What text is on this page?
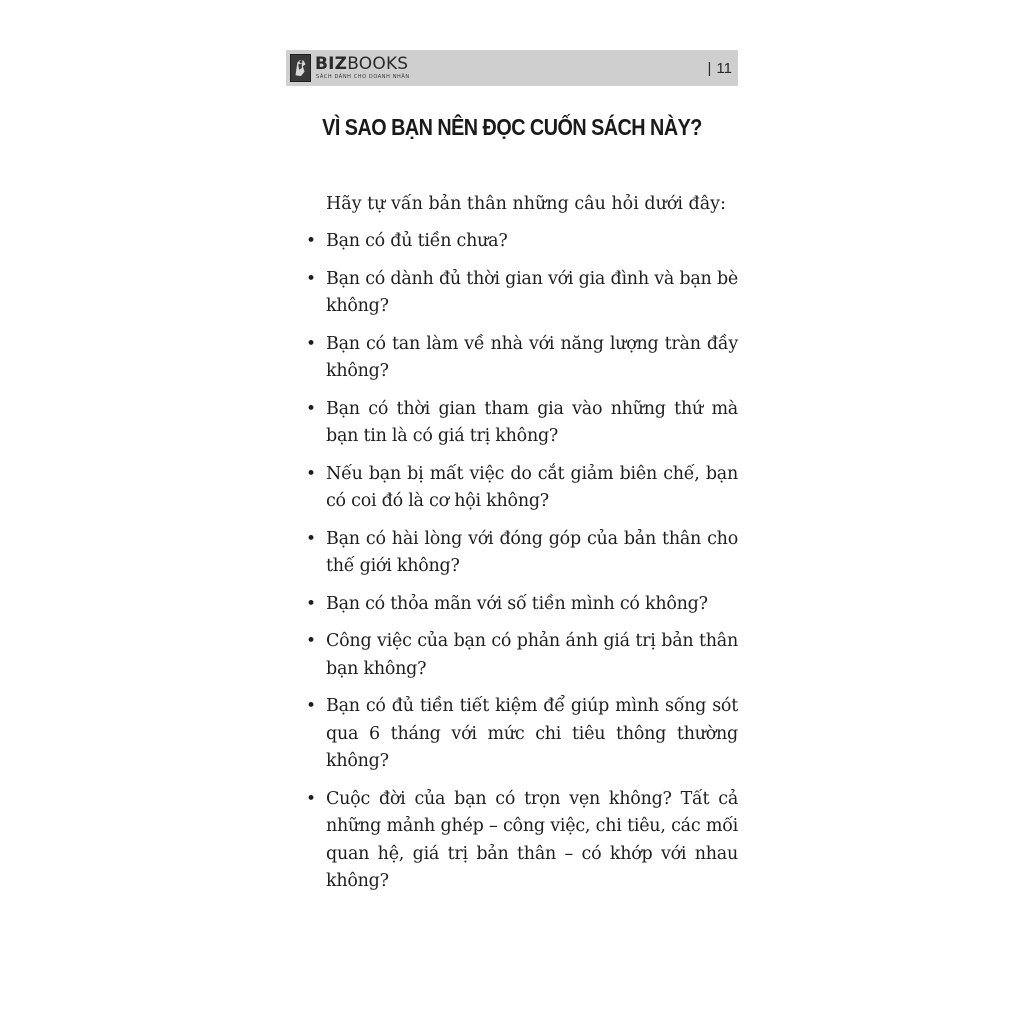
BIZBOOKS
SÁCH DÀNH CHO DOANH NHÂN	| 11
VÌ SAO BẠN NÊN ĐỌC CUỐN SÁCH NÀY?

Hãy tự vấn bản thân những câu hỏi dưới đây:

• Bạn có đủ tiền chưa?
• Bạn có dành đủ thời gian với gia đình và bạn bè không?
• Bạn có tan làm về nhà với năng lượng tràn đầy không?
• Bạn có thời gian tham gia vào những thứ mà bạn tin là có giá trị không?
• Nếu bạn bị mất việc do cắt giảm biên chế, bạn có coi đó là cơ hội không?
• Bạn có hài lòng với đóng góp của bản thân cho thế giới không?
• Bạn có thỏa mãn với số tiền mình có không?
• Công việc của bạn có phản ánh giá trị bản thân bạn không?
• Bạn có đủ tiền tiết kiệm để giúp mình sống sót qua 6 tháng với mức chi tiêu thông thường không?
• Cuộc đời của bạn có trọn vẹn không? Tất cả những mảnh ghép – công việc, chi tiêu, các mối quan hệ, giá trị bản thân – có khớp với nhau không?
